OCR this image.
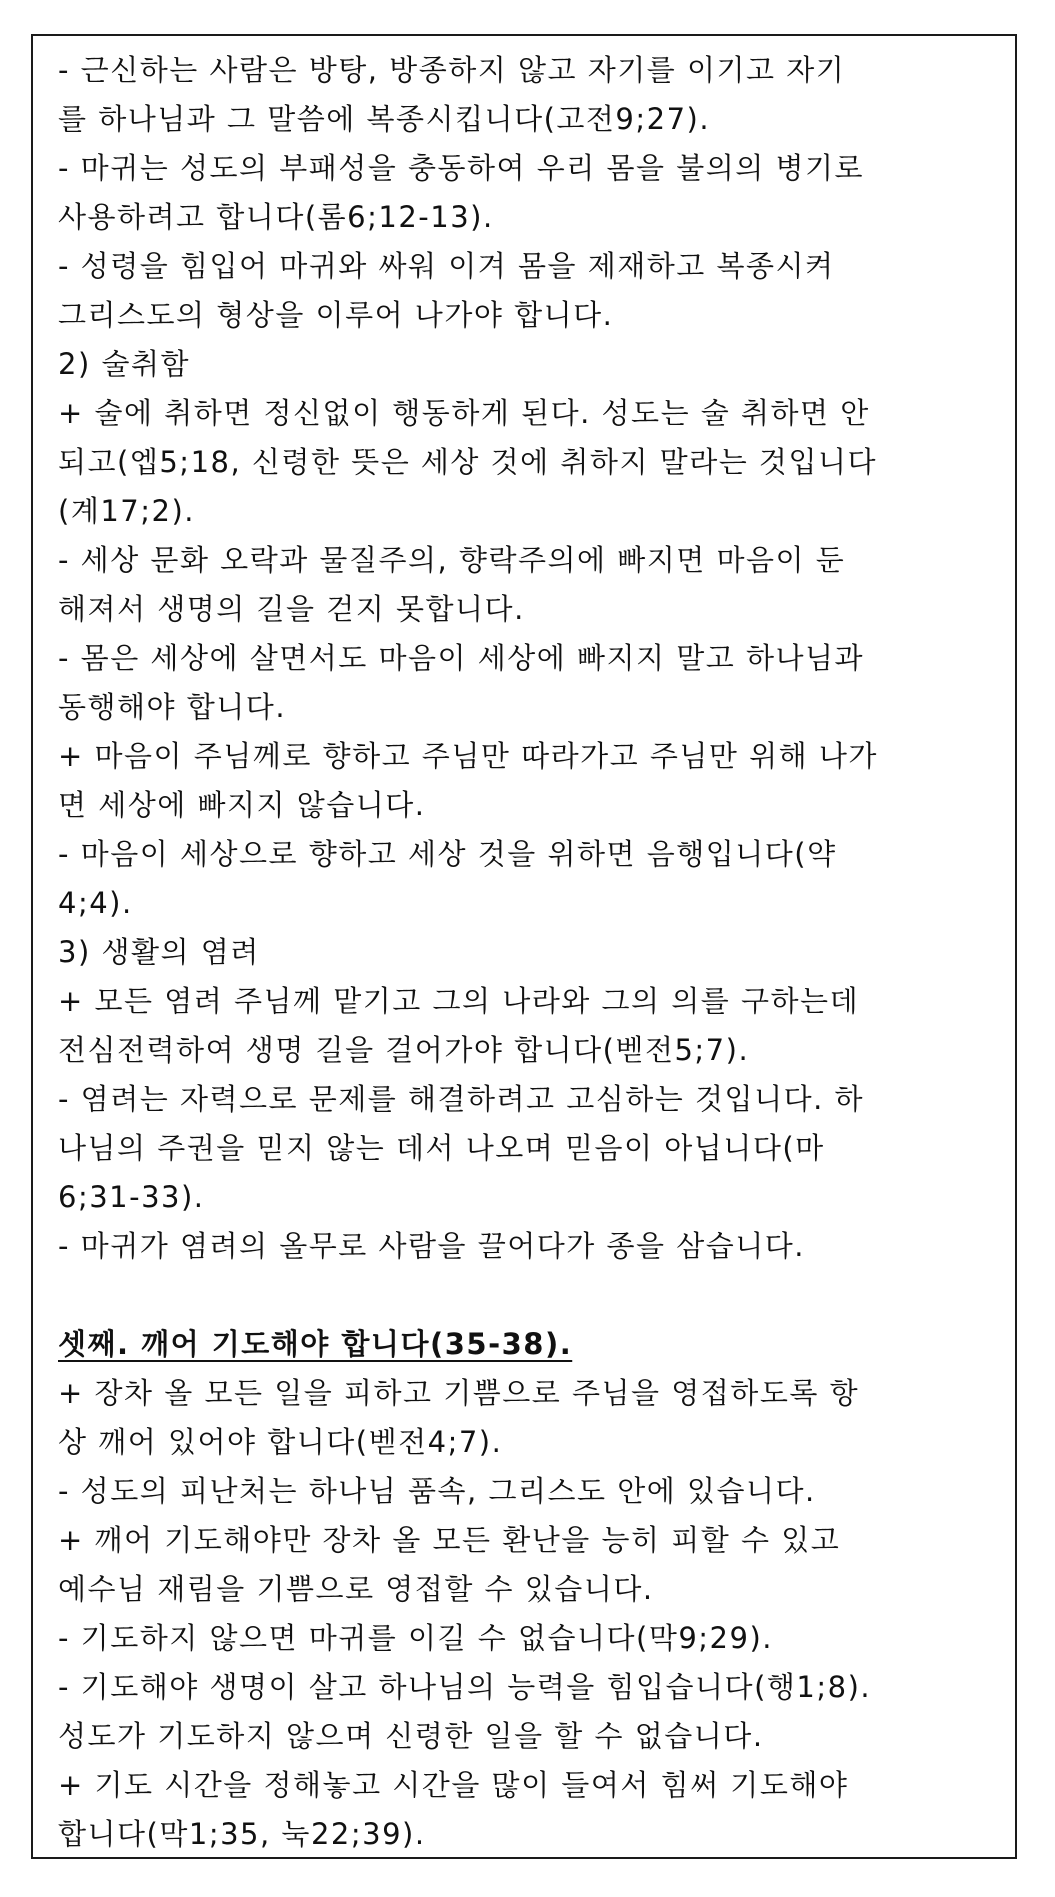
- 근신하는 사람은 방탕, 방종하지 않고 자기를 이기고 자기
를 하나님과 그 말씀에 복종시킵니다(고전9;27).
- 마귀는 성도의 부패성을 충동하여 우리 몸을 불의의 병기로
사용하려고 합니다(롬6;12-13).
- 성령을 힘입어 마귀와 싸워 이겨 몸을 제재하고 복종시켜
그리스도의 형상을 이루어 나가야 합니다.
2) 술취함
+ 술에 취하면 정신없이 행동하게 된다. 성도는 술 취하면 안
되고(엡5;18, 신령한 뜻은 세상 것에 취하지 말라는 것입니다
(계17;2).
- 세상 문화 오락과 물질주의, 향락주의에 빠지면 마음이 둔
해져서 생명의 길을 걷지 못합니다.
- 몸은 세상에 살면서도 마음이 세상에 빠지지 말고 하나님과
동행해야 합니다.
+ 마음이 주님께로 향하고 주님만 따라가고 주님만 위해 나가
면 세상에 빠지지 않습니다.
- 마음이 세상으로 향하고 세상 것을 위하면 음행입니다(약
4;4).
3) 생활의 염려
+ 모든 염려 주님께 맡기고 그의 나라와 그의 의를 구하는데
전심전력하여 생명 길을 걸어가야 합니다(벧전5;7).
- 염려는 자력으로 문제를 해결하려고 고심하는 것입니다. 하
나님의 주권을 믿지 않는 데서 나오며 믿음이 아닙니다(마
6;31-33).
- 마귀가 염려의 올무로 사람을 끌어다가 종을 삼습니다.
셋째. 깨어 기도해야 합니다(35-38).
+ 장차 올 모든 일을 피하고 기쁨으로 주님을 영접하도록 항
상 깨어 있어야 합니다(벧전4;7).
- 성도의 피난처는 하나님 품속, 그리스도 안에 있습니다.
+ 깨어 기도해야만 장차 올 모든 환난을 능히 피할 수 있고
예수님 재림을 기쁨으로 영접할 수 있습니다.
- 기도하지 않으면 마귀를 이길 수 없습니다(막9;29).
- 기도해야 생명이 살고 하나님의 능력을 힘입습니다(행1;8).
성도가 기도하지 않으며 신령한 일을 할 수 없습니다.
+ 기도 시간을 정해놓고 시간을 많이 들여서 힘써 기도해야
합니다(막1;35, 눅22;39).
